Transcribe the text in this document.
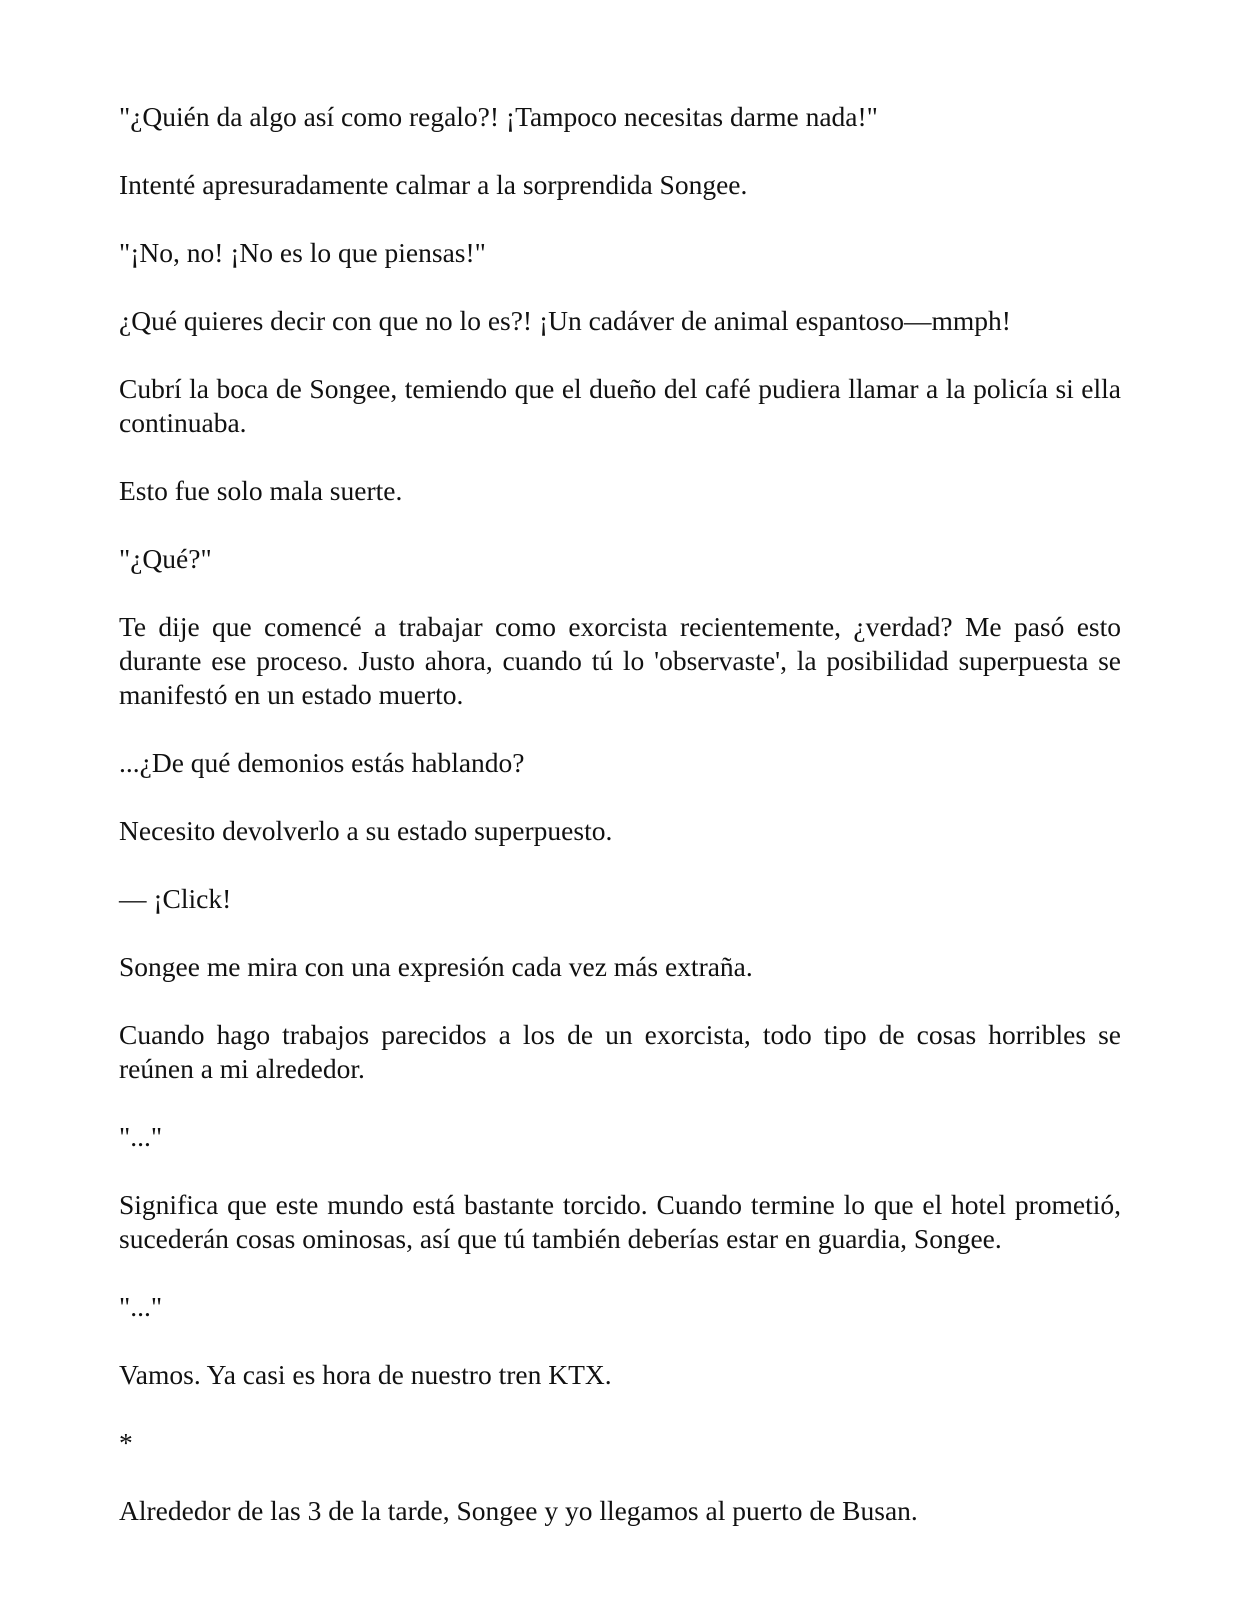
"¿Quién da algo así como regalo?! ¡Tampoco necesitas darme nada!"

Intenté apresuradamente calmar a la sorprendida Songee.

"¡No, no! ¡No es lo que piensas!"

¿Qué quieres decir con que no lo es?! ¡Un cadáver de animal espantoso—mmph!

Cubrí la boca de Songee, temiendo que el dueño del café pudiera llamar a la policía si ella continuaba.

Esto fue solo mala suerte.

"¿Qué?"

Te dije que comencé a trabajar como exorcista recientemente, ¿verdad? Me pasó esto durante ese proceso. Justo ahora, cuando tú lo 'observaste', la posibilidad superpuesta se manifestó en un estado muerto.

...¿De qué demonios estás hablando?

Necesito devolverlo a su estado superpuesto.

— ¡Click!

Songee me mira con una expresión cada vez más extraña.

Cuando hago trabajos parecidos a los de un exorcista, todo tipo de cosas horribles se reúnen a mi alrededor.

"..."

Significa que este mundo está bastante torcido. Cuando termine lo que el hotel prometió, sucederán cosas ominosas, así que tú también deberías estar en guardia, Songee.

"..."

Vamos. Ya casi es hora de nuestro tren KTX.

*

Alrededor de las 3 de la tarde, Songee y yo llegamos al puerto de Busan.
